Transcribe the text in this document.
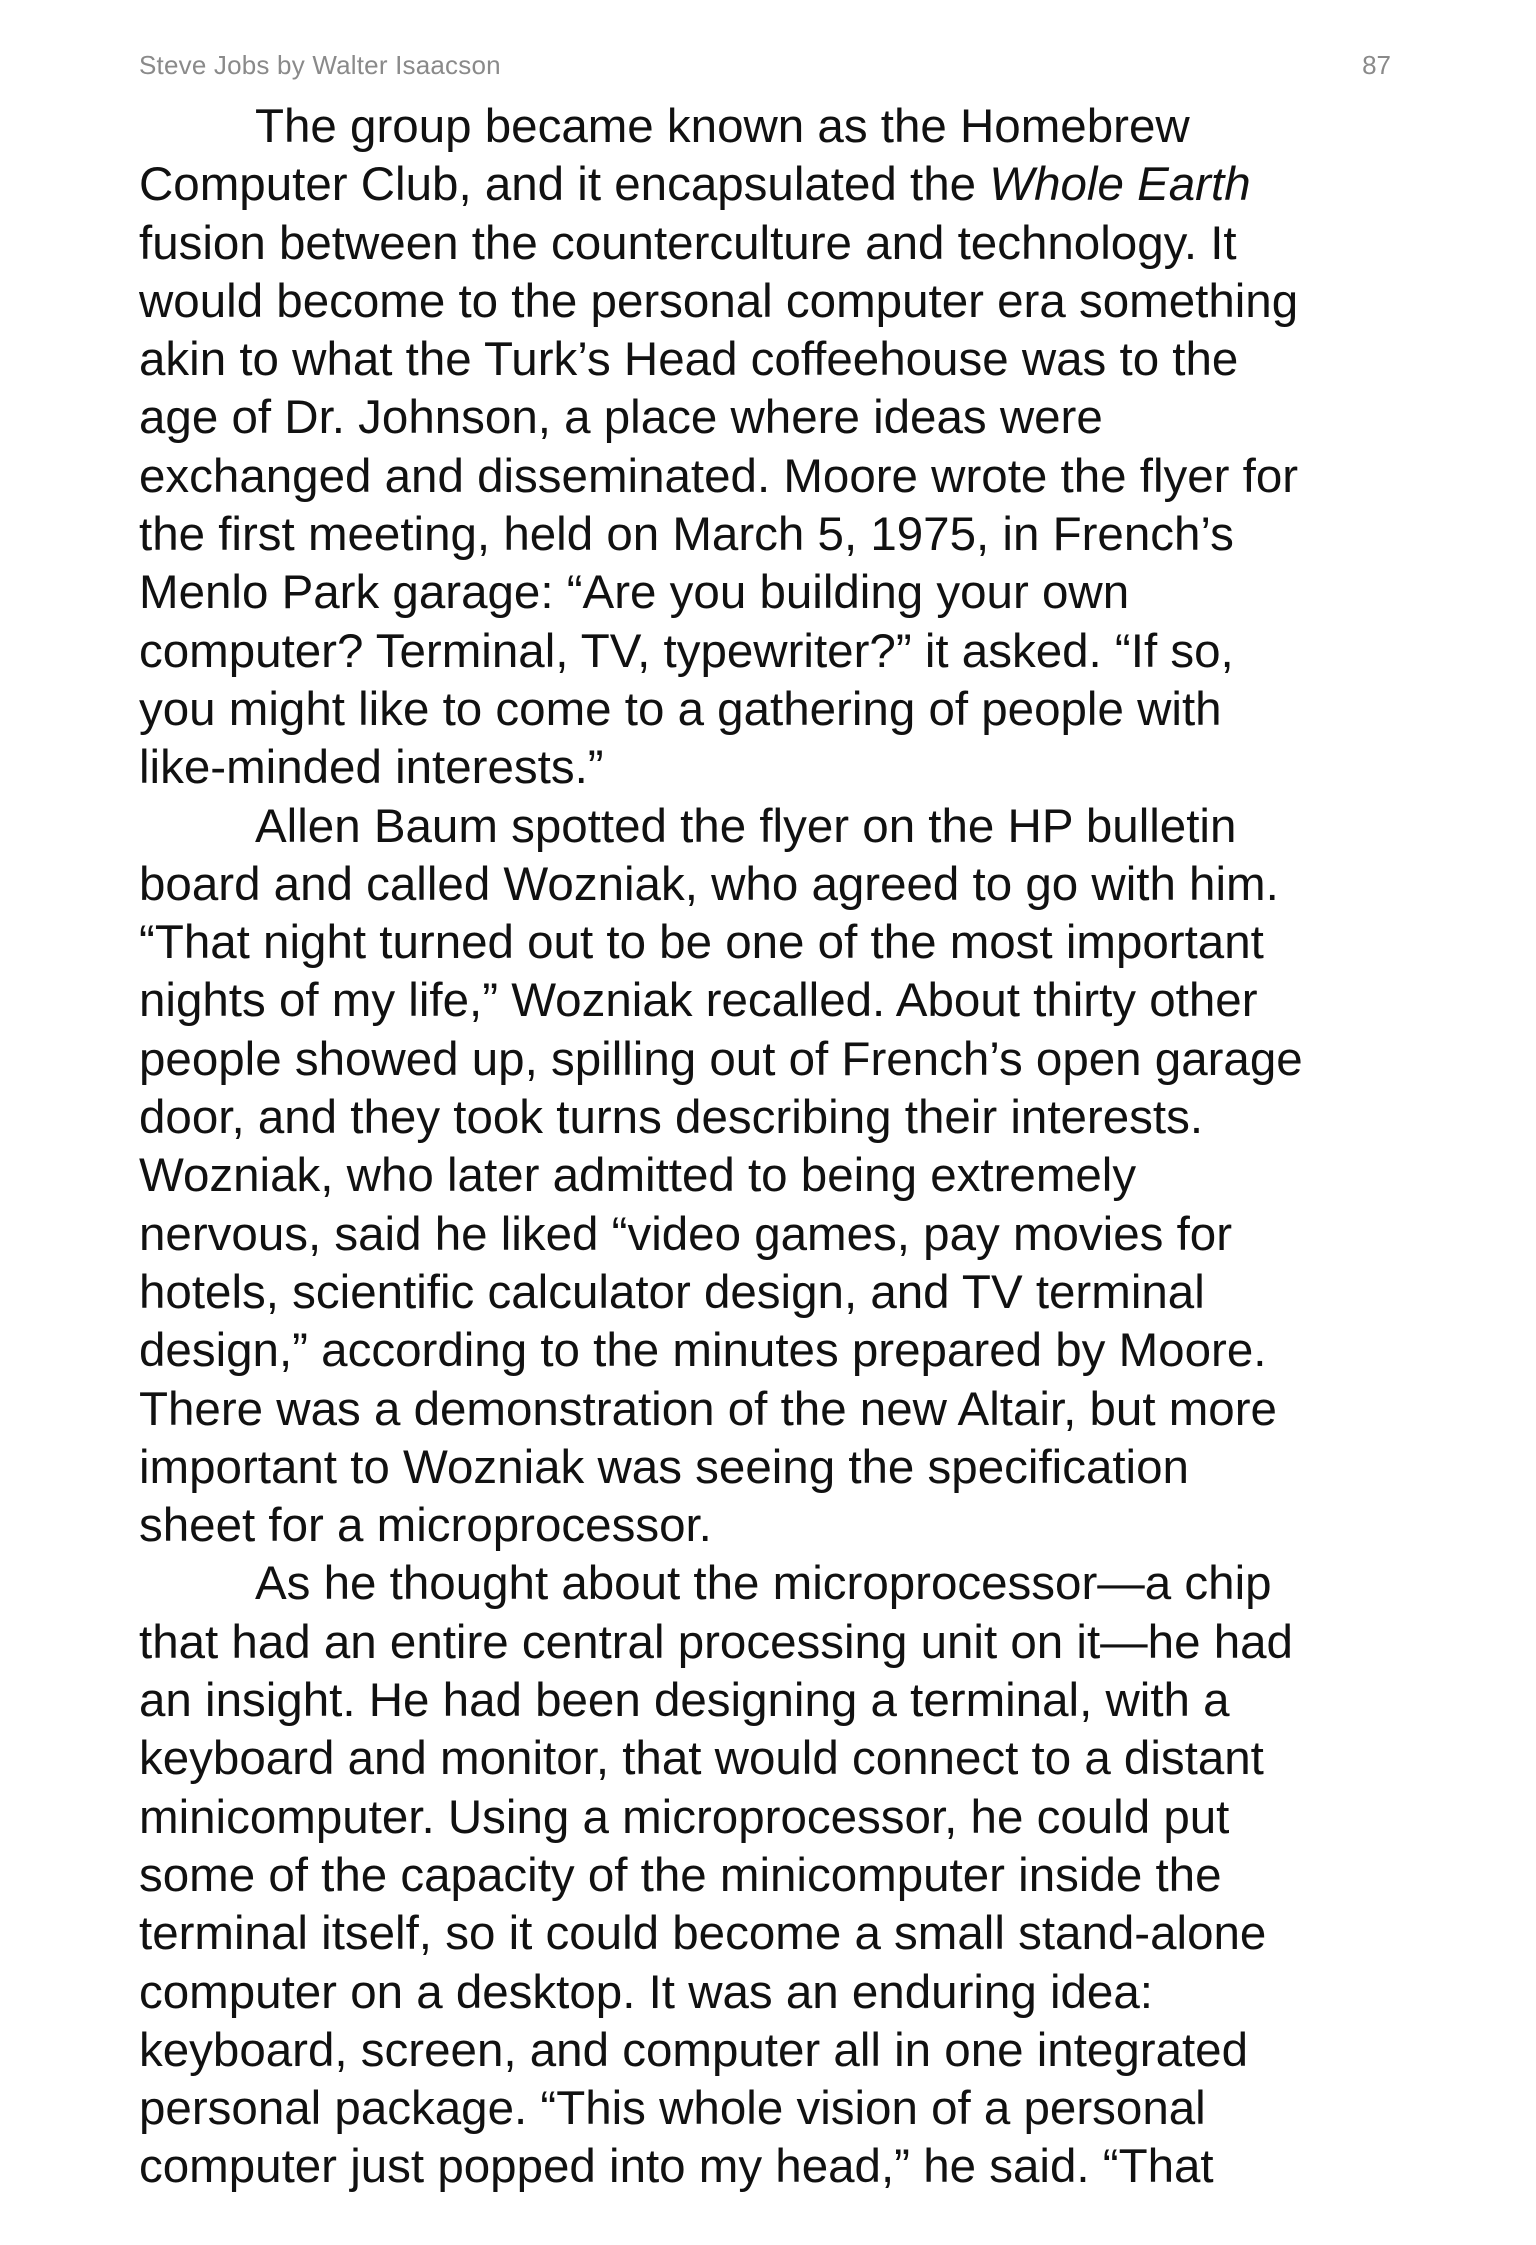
Steve Jobs by Walter Isaacson	87
The group became known as the Homebrew
Computer Club, and it encapsulated the Whole Earth
fusion between the counterculture and technology. It
would become to the personal computer era something
akin to what the Turk’s Head coffeehouse was to the
age of Dr. Johnson, a place where ideas were
exchanged and disseminated. Moore wrote the flyer for
the first meeting, held on March 5, 1975, in French’s
Menlo Park garage: “Are you building your own
computer? Terminal, TV, typewriter?” it asked. “If so,
you might like to come to a gathering of people with
like-minded interests.”
Allen Baum spotted the flyer on the HP bulletin
board and called Wozniak, who agreed to go with him.
“That night turned out to be one of the most important
nights of my life,” Wozniak recalled. About thirty other
people showed up, spilling out of French’s open garage
door, and they took turns describing their interests.
Wozniak, who later admitted to being extremely
nervous, said he liked “video games, pay movies for
hotels, scientific calculator design, and TV terminal
design,” according to the minutes prepared by Moore.
There was a demonstration of the new Altair, but more
important to Wozniak was seeing the specification
sheet for a microprocessor.
As he thought about the microprocessor—a chip
that had an entire central processing unit on it—he had
an insight. He had been designing a terminal, with a
keyboard and monitor, that would connect to a distant
minicomputer. Using a microprocessor, he could put
some of the capacity of the minicomputer inside the
terminal itself, so it could become a small stand-alone
computer on a desktop. It was an enduring idea:
keyboard, screen, and computer all in one integrated
personal package. “This whole vision of a personal
computer just popped into my head,” he said. “That
